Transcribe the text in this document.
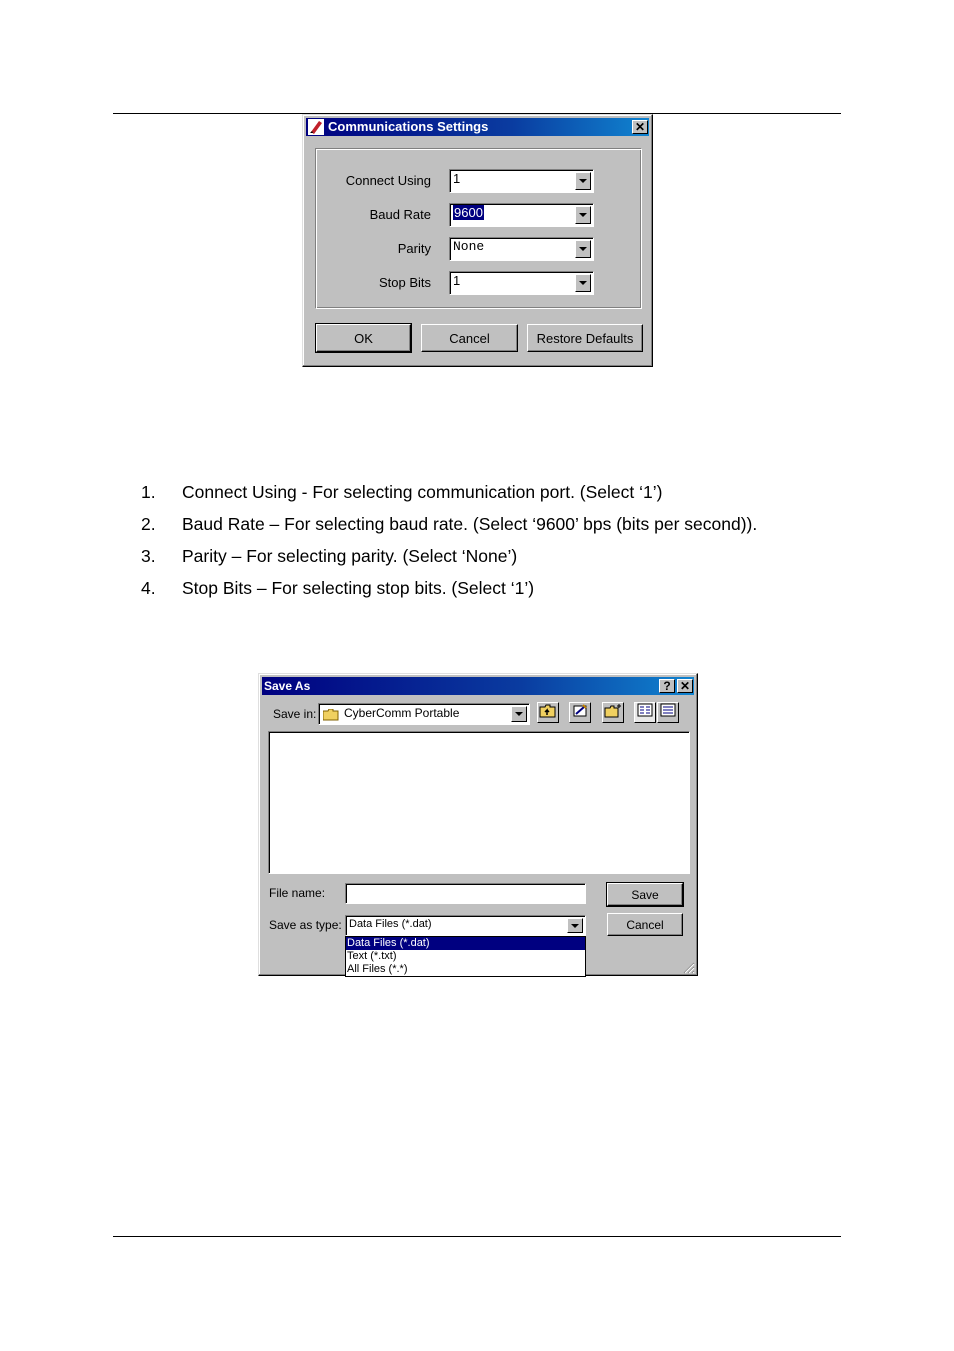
Communications Settings	✕
Connect Using 1
Baud Rate 9600
Parity None
Stop Bits 1
OK	Cancel	Restore Defaults
1. Connect Using - For selecting communication port. (Select ‘1’)
2. Baud Rate – For selecting baud rate. (Select ‘9600’ bps (bits per second)).
3. Parity – For selecting parity. (Select ‘None’)
4. Stop Bits – For selecting stop bits. (Select ‘1’)
Save As	? ✕
Save in: CyberComm Portable
File name:	Save
Cancel
Save as type: Data Files (*.dat)
Data Files (*.dat)
Text (*.txt)
All Files (*.*)
